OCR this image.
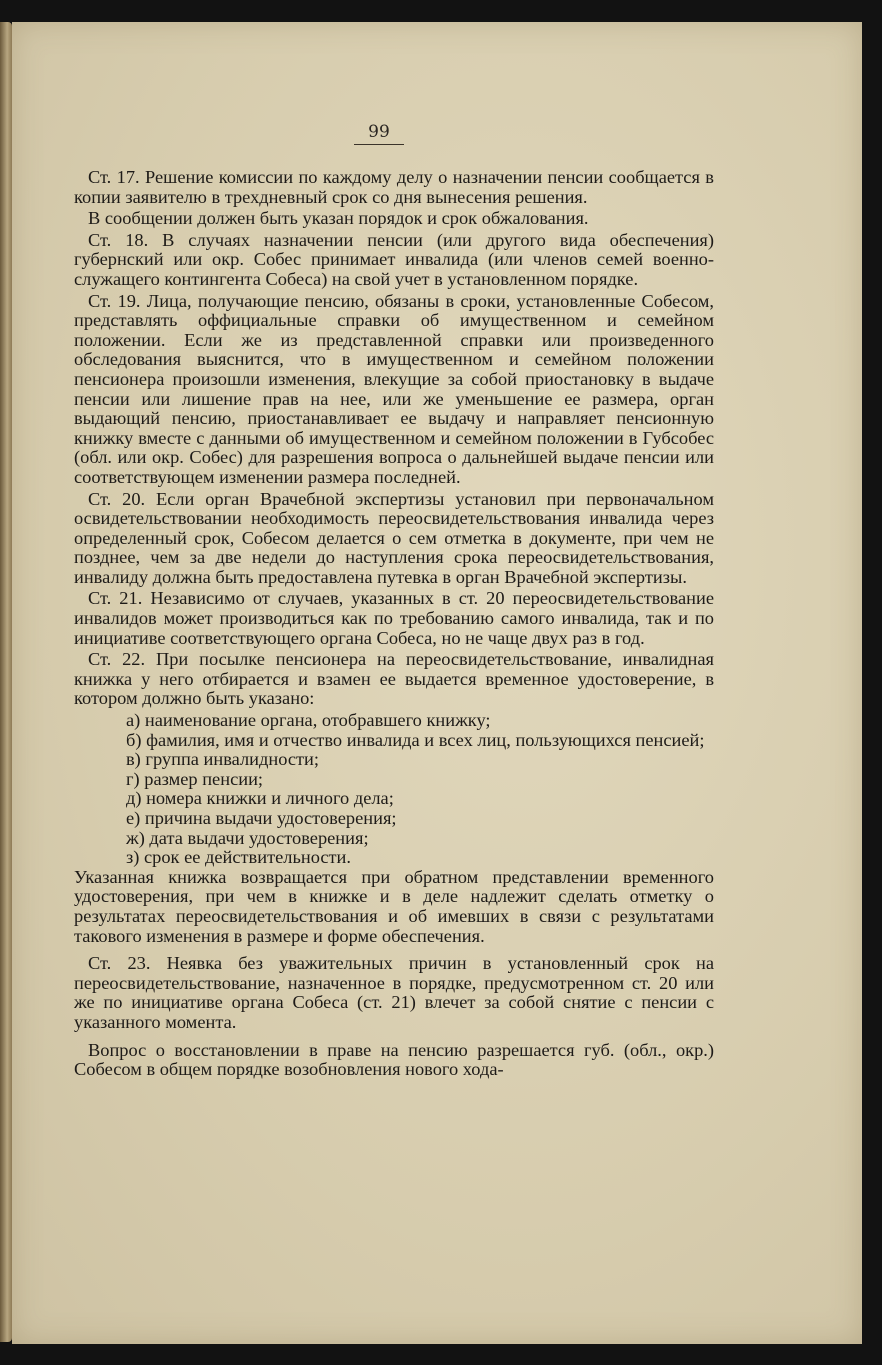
99

Ст. 17. Решение комиссии по каждому делу о назначении пенсии сообщается в копии заявителю в трехдневный срок со дня вынесения решения.

В сообщении должен быть указан порядок и срок обжалования.

Ст. 18. В случаях назначении пенсии (или другого вида обеспечения) губернский или окр. Собес принимает инвалида (или членов семей военно-служащего контингента Собеса) на свой учет в установленном порядке.

Ст. 19. Лица, получающие пенсию, обязаны в сроки, установленные Собесом, представлять оффициальные справки об имущественном и семейном положении. Если же из представленной справки или произведенного обследования выяснится, что в имущественном и семейном положении пенсионера произошли изменения, влекущие за собой приостановку в выдаче пенсии или лишение прав на нее, или же уменьшение ее размера, орган выдающий пенсию, приостанавливает ее выдачу и направляет пенсионную книжку вместе с данными об имущественном и семейном положении в Губсобес (обл. или окр. Собес) для разрешения вопроса о дальнейшей выдаче пенсии или соответствующем изменении размера последней.

Ст. 20. Если орган Врачебной экспертизы установил при первоначальном освидетельствовании необходимость переосвидетельствования инвалида через определенный срок, Собесом делается о сем отметка в документе, при чем не позднее, чем за две недели до наступления срока переосвидетельствования, инвалиду должна быть предоставлена путевка в орган Врачебной экспертизы.

Ст. 21. Независимо от случаев, указанных в ст. 20 переосвидетельствование инвалидов может производиться как по требованию самого инвалида, так и по инициативе соответствующего органа Собеса, но не чаще двух раз в год.

Ст. 22. При посылке пенсионера на переосвидетельствование, инвалидная книжка у него отбирается и взамен ее выдается временное удостоверение, в котором должно быть указано:

а) наименование органа, отобравшего книжку;
б) фамилия, имя и отчество инвалида и всех лиц, пользующихся пенсией;
в) группа инвалидности;
г) размер пенсии;
д) номера книжки и личного дела;
е) причина выдачи удостоверения;
ж) дата выдачи удостоверения;
з) срок ее действительности.

Указанная книжка возвращается при обратном представлении временного удостоверения, при чем в книжке и в деле надлежит сделать отметку о результатах переосвидетельствования и об имевших в связи с результатами такового изменения в размере и форме обеспечения.

Ст. 23. Неявка без уважительных причин в установленный срок на переосвидетельствование, назначенное в порядке, предусмотренном ст. 20 или же по инициативе органа Собеса (ст. 21) влечет за собой снятие с пенсии с указанного момента.

Вопрос о восстановлении в праве на пенсию разрешается губ. (обл., окр.) Собесом в общем порядке возобновления нового хода-
